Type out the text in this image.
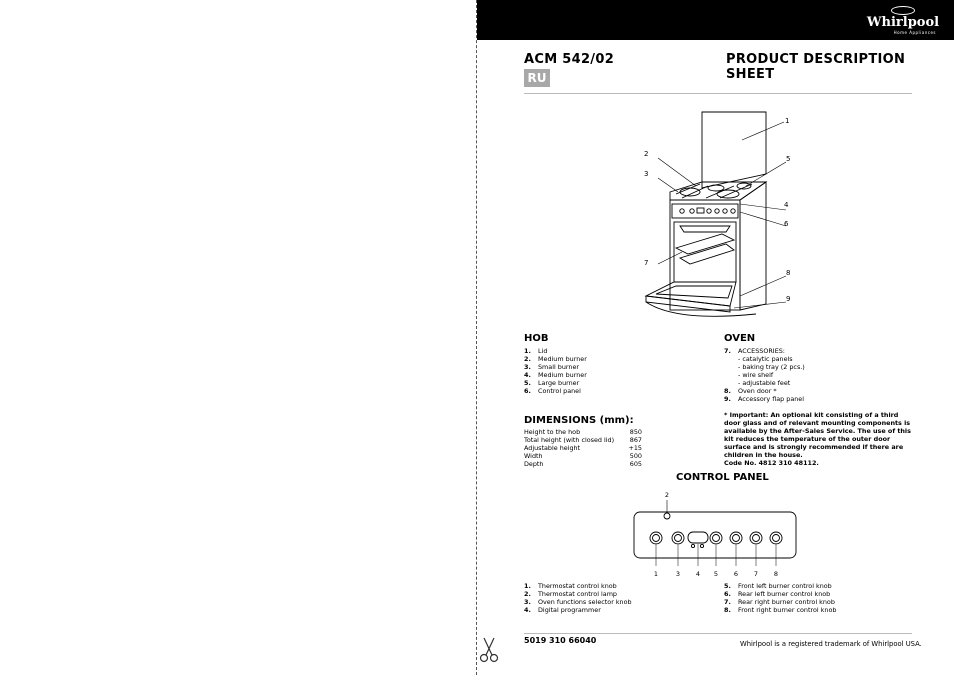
Whirlpool
Home Appliances
ACM 542/02	PRODUCT DESCRIPTION SHEET
RU
1
2
3
4
5
6
7
8
9
HOB
1. Lid
2. Medium burner
3. Small burner
4. Medium burner
5. Large burner
6. Control panel
DIMENSIONS (mm):
Height to the hob	850
Total height (with closed lid) 867
Adjustable height	+15
Width	500
Depth	605
OVEN
7. ACCESSORIES:
- catalytic panels
- baking tray (2 pcs.)
- wire shelf
- adjustable feet
8. Oven door *
9. Accessory flap panel
* Important: An optional kit consisting of a third door glass and of relevant mounting components is available by the After-Sales Service. The use of this kit reduces the temperature of the outer door surface and is strongly recommended if there are children in the house.
Code No. 4812 310 48112.
CONTROL PANEL
2
1	3 4 5 6 7 8
1. Thermostat control knob
2. Thermostat control lamp
3. Oven functions selector knob
4. Digital programmer
5. Front left burner control knob
6. Rear left burner control knob
7. Rear right burner control knob
8. Front right burner control knob
5019 310 66040	Whirlpool is a registered trademark of Whirlpool USA.
